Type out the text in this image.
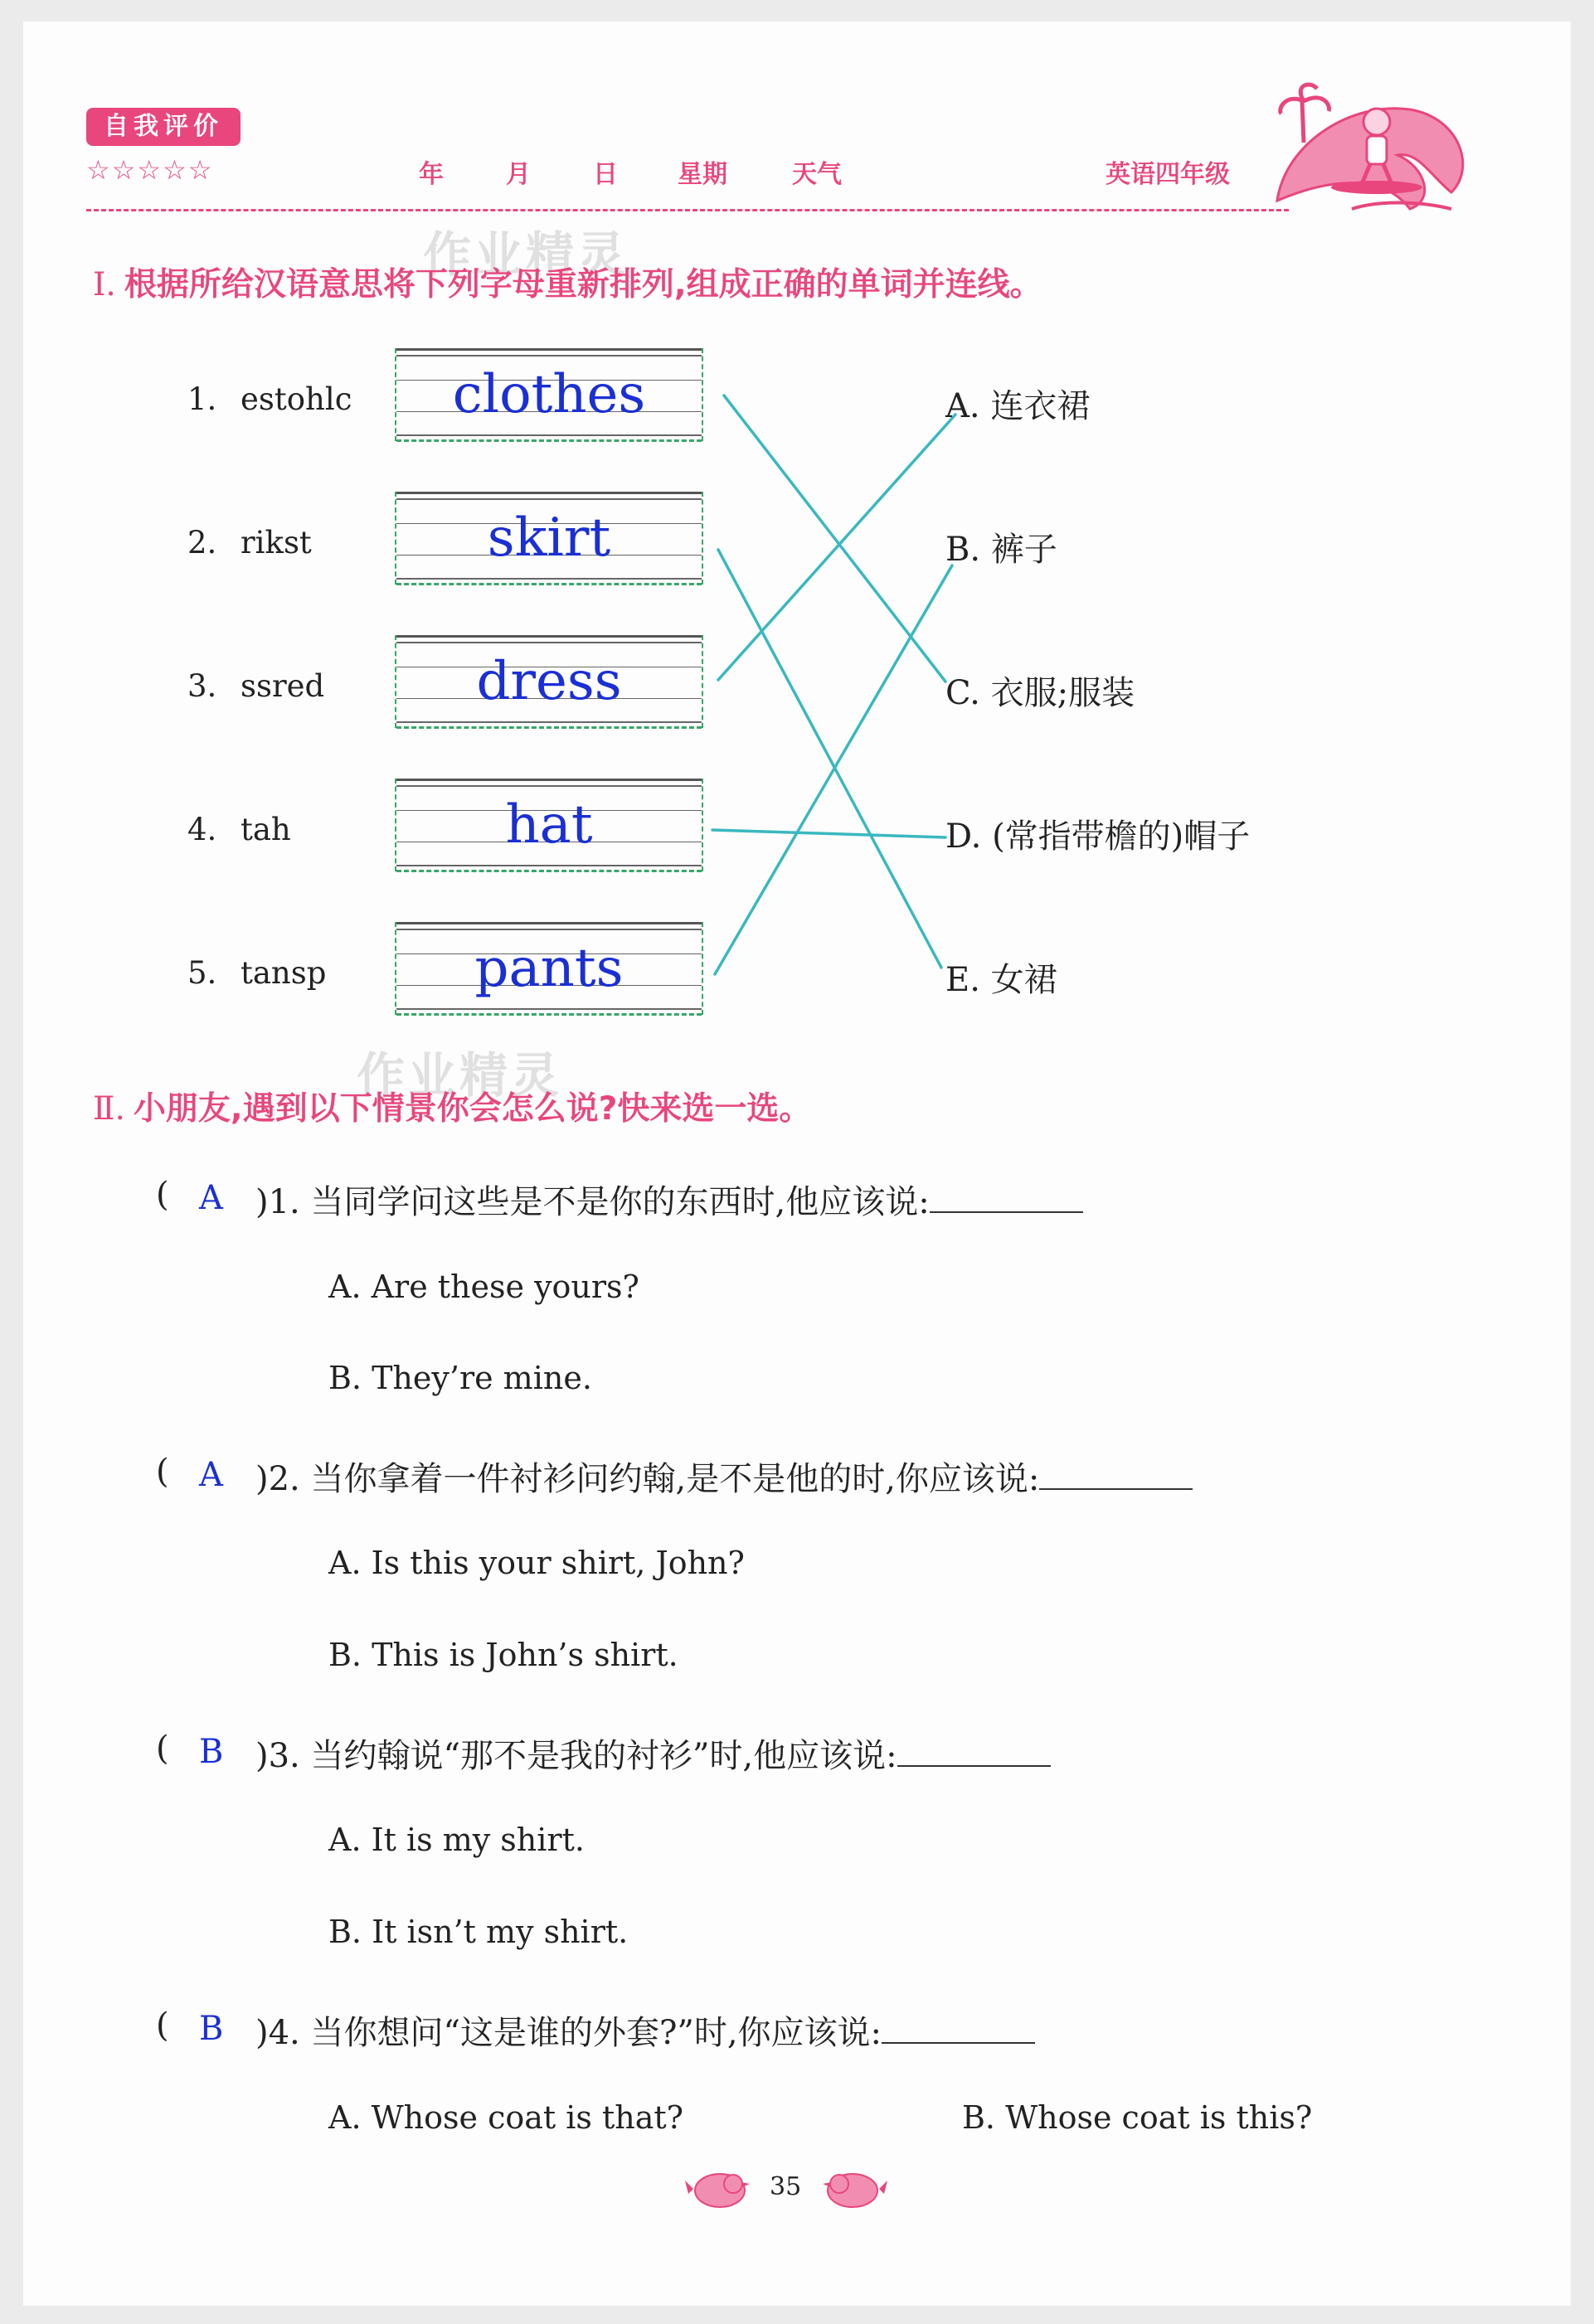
自我评价
☆☆☆☆☆	年	月	日 星期	天气	英语四年级
作业精灵
作业精灵
Ⅰ. 根据所给汉语意思将下列字母重新排列,组成正确的单词并连线。
1. estohlc
2. rikst
3. ssred
4. tah
5. tansp
clothes
skirt
dress
hat
pants
A. 连衣裙
B. 裤子
C. 衣服;服装
D. (常指带檐的)帽子
E. 女裙
Ⅱ. 小朋友,遇到以下情景你会怎么说?快来选一选。
( A )1. 当同学问这些是不是你的东西时,他应该说:
A. Are these yours?
B. They’re mine.
( A )2. 当你拿着一件衬衫问约翰,是不是他的时,你应该说:
A. Is this your shirt, John?
B. This is John’s shirt.
( B )3. 当约翰说“那不是我的衬衫”时,他应该说:
A. It is my shirt.
B. It isn’t my shirt.
( B )4. 当你想问“这是谁的外套?”时,你应该说:
A. Whose coat is that?	B. Whose coat is this?
35
